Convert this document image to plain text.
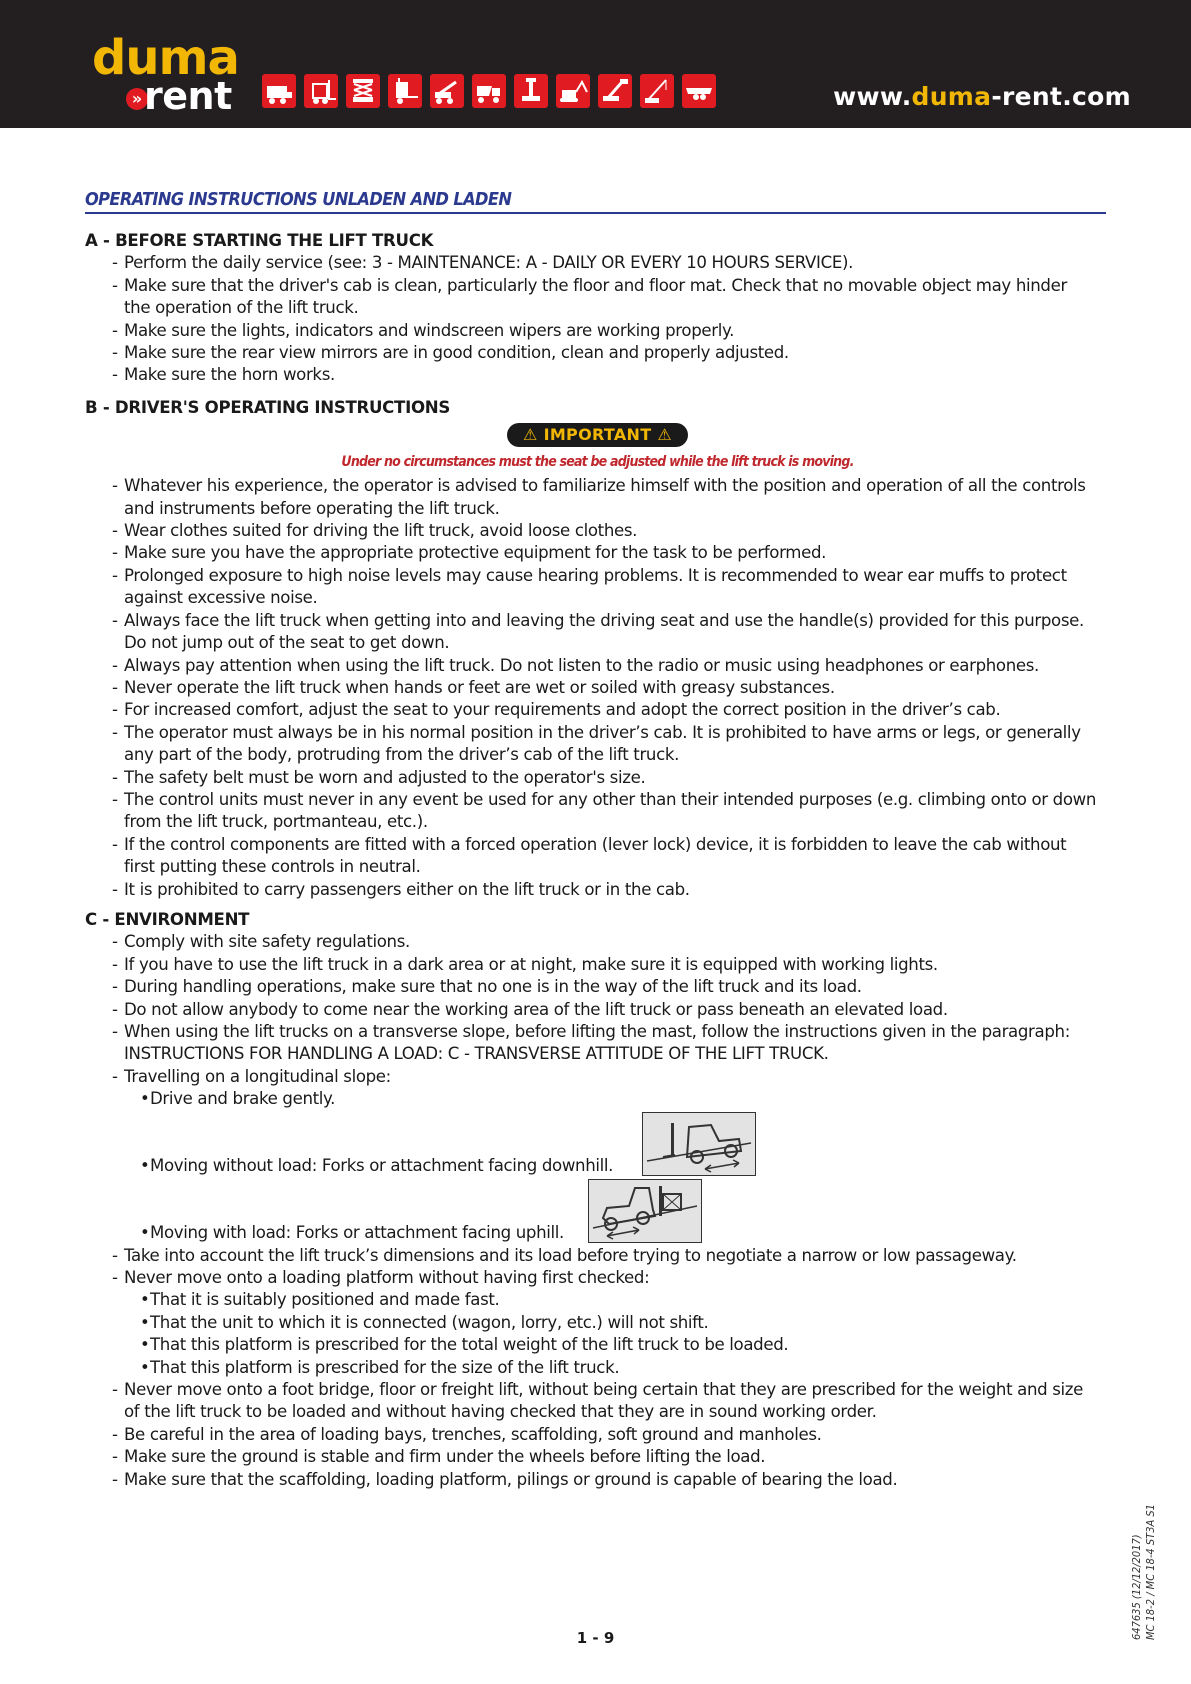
duma
» rent	www.duma-rent.com
OPERATING INSTRUCTIONS UNLADEN AND LADEN
A - BEFORE STARTING THE LIFT TRUCK
- Perform the daily service (see: 3 - MAINTENANCE: A - DAILY OR EVERY 10 HOURS SERVICE).
- Make sure that the driver's cab is clean, particularly the floor and floor mat. Check that no movable object may hinder
the operation of the lift truck.
- Make sure the lights, indicators and windscreen wipers are working properly.
- Make sure the rear view mirrors are in good condition, clean and properly adjusted.
- Make sure the horn works.
B - DRIVER'S OPERATING INSTRUCTIONS
⚠ IMPORTANT ⚠
Under no circumstances must the seat be adjusted while the lift truck is moving.
- Whatever his experience, the operator is advised to familiarize himself with the position and operation of all the controls
and instruments before operating the lift truck.
- Wear clothes suited for driving the lift truck, avoid loose clothes.
- Make sure you have the appropriate protective equipment for the task to be performed.
- Prolonged exposure to high noise levels may cause hearing problems. It is recommended to wear ear muffs to protect
against excessive noise.
- Always face the lift truck when getting into and leaving the driving seat and use the handle(s) provided for this purpose.
Do not jump out of the seat to get down.
- Always pay attention when using the lift truck. Do not listen to the radio or music using headphones or earphones.
- Never operate the lift truck when hands or feet are wet or soiled with greasy substances.
- For increased comfort, adjust the seat to your requirements and adopt the correct position in the driver’s cab.
- The operator must always be in his normal position in the driver’s cab. It is prohibited to have arms or legs, or generally
any part of the body, protruding from the driver’s cab of the lift truck.
- The safety belt must be worn and adjusted to the operator's size.
- The control units must never in any event be used for any other than their intended purposes (e.g. climbing onto or down
from the lift truck, portmanteau, etc.).
- If the control components are fitted with a forced operation (lever lock) device, it is forbidden to leave the cab without
first putting these controls in neutral.
- It is prohibited to carry passengers either on the lift truck or in the cab.
C - ENVIRONMENT
- Comply with site safety regulations.
- If you have to use the lift truck in a dark area or at night, make sure it is equipped with working lights.
- During handling operations, make sure that no one is in the way of the lift truck and its load.
- Do not allow anybody to come near the working area of the lift truck or pass beneath an elevated load.
- When using the lift trucks on a transverse slope, before lifting the mast, follow the instructions given in the paragraph:
INSTRUCTIONS FOR HANDLING A LOAD: C - TRANSVERSE ATTITUDE OF THE LIFT TRUCK.
- Travelling on a longitudinal slope:
• Drive and brake gently.
• Moving without load: Forks or attachment facing downhill.
• Moving with load: Forks or attachment facing uphill.
- Take into account the lift truck’s dimensions and its load before trying to negotiate a narrow or low passageway.
- Never move onto a loading platform without having first checked:
• That it is suitably positioned and made fast.
• That the unit to which it is connected (wagon, lorry, etc.) will not shift.
• That this platform is prescribed for the total weight of the lift truck to be loaded.
• That this platform is prescribed for the size of the lift truck.
- Never move onto a foot bridge, floor or freight lift, without being certain that they are prescribed for the weight and size
of the lift truck to be loaded and without having checked that they are in sound working order.
- Be careful in the area of loading bays, trenches, scaffolding, soft ground and manholes.
- Make sure the ground is stable and firm under the wheels before lifting the load.
- Make sure that the scaffolding, loading platform, pilings or ground is capable of bearing the load.
647635 (12/12/2017) MC 18-2 / MC 18-4 ST3A S1
1 - 9
